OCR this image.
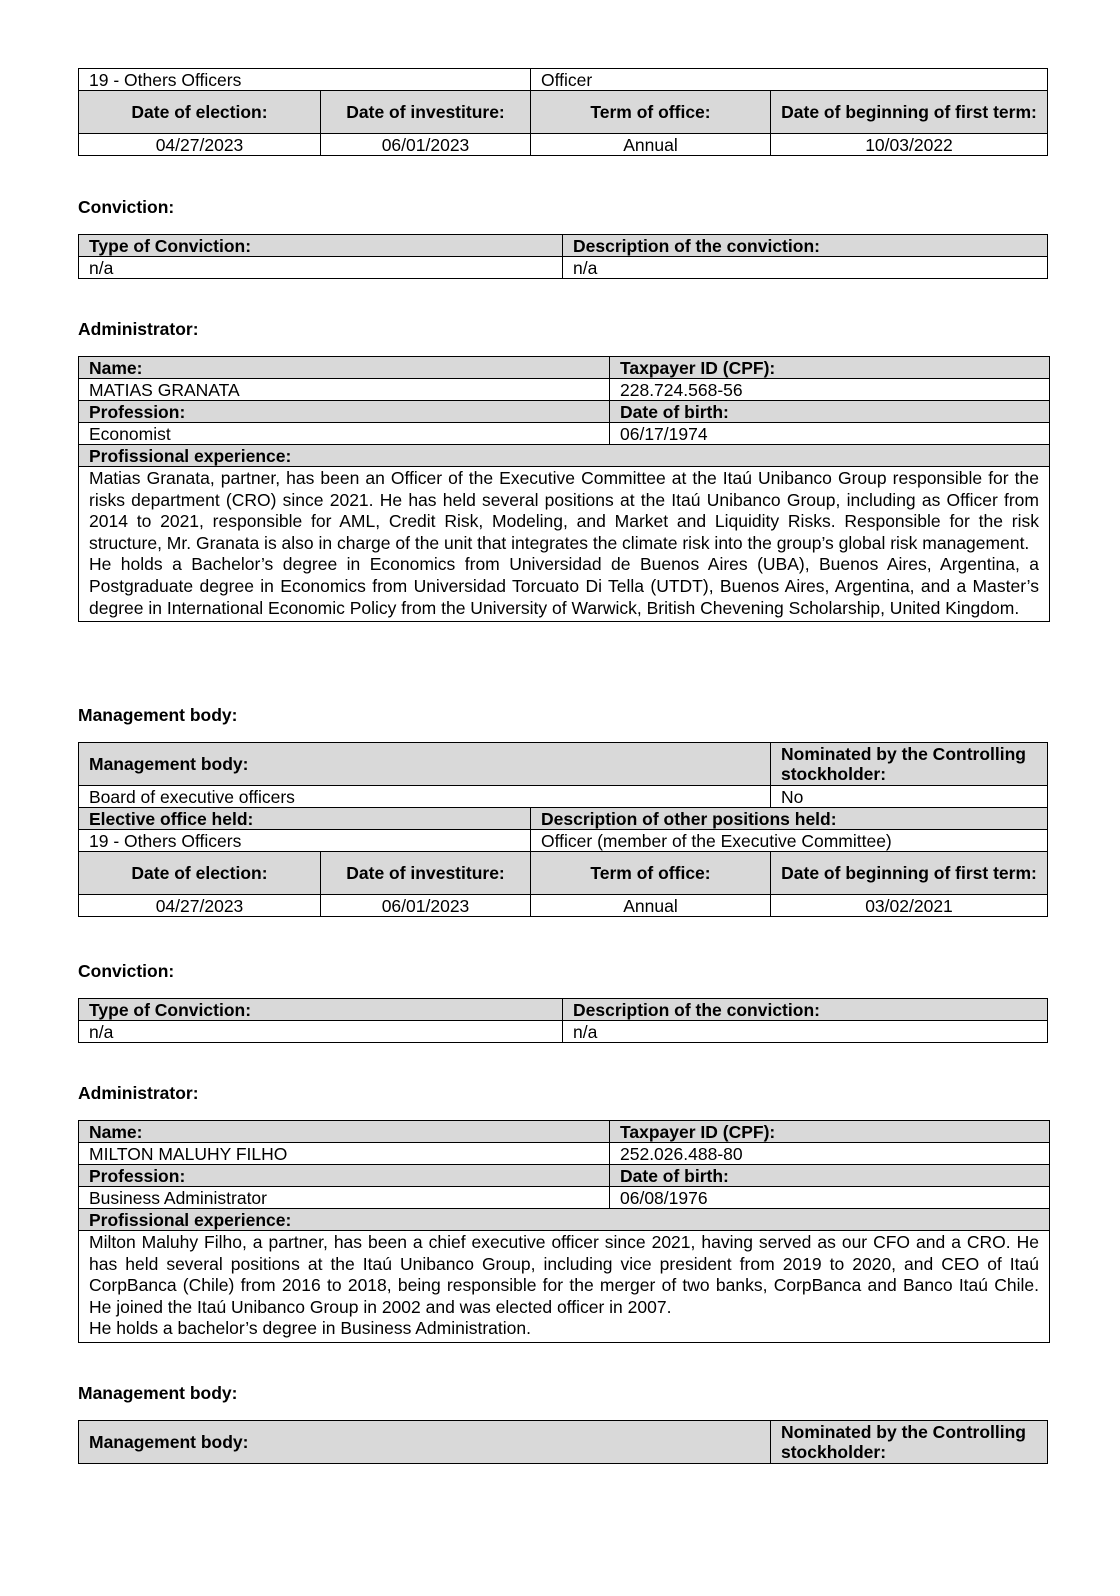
19 - Others Officers		Officer	
Date of election:	Date of investiture:	Term of office:	Date of beginning of first term:
04/27/2023	06/01/2023	Annual	10/03/2022

Conviction:

Type of Conviction:	Description of the conviction:
n/a	n/a

Administrator:

Name:	Taxpayer ID (CPF):
MATIAS GRANATA	228.724.568-56
Profession:	Date of birth:
Economist	06/17/1974
Profissional experience:	

Matias Granata, partner, has been an Officer of the Executive Committee at the Itaú Unibanco Group responsible for the risks department (CRO) since 2021. He has held several positions at the Itaú Unibanco Group, including as Officer from 2014 to 2021, responsible for AML, Credit Risk, Modeling, and Market and Liquidity Risks. Responsible for the risk structure, Mr. Granata is also in charge of the unit that integrates the climate risk into the group’s global risk management.

He holds a Bachelor’s degree in Economics from Universidad de Buenos Aires (UBA), Buenos Aires, Argentina, a Postgraduate degree in Economics from Universidad Torcuato Di Tella (UTDT), Buenos Aires, Argentina, and a Master’s degree in International Economic Policy from the University of Warwick, British Chevening Scholarship, United Kingdom.	

Management body:

Management body:			Nominated by the Controlling stockholder:
Board of executive officers			No
Elective office held:		Description of other positions held:	
19 - Others Officers		Officer (member of the Executive Committee)	
Date of election:	Date of investiture:	Term of office:	Date of beginning of first term:
04/27/2023	06/01/2023	Annual	03/02/2021

Conviction:

Type of Conviction:	Description of the conviction:
n/a	n/a

Administrator:

Name:	Taxpayer ID (CPF):
MILTON MALUHY FILHO	252.026.488-80
Profession:	Date of birth:
Business Administrator	06/08/1976
Profissional experience:	

Milton Maluhy Filho, a partner, has been a chief executive officer since 2021, having served as our CFO and a CRO. He has held several positions at the Itaú Unibanco Group, including vice president from 2019 to 2020, and CEO of Itaú CorpBanca (Chile) from 2016 to 2018, being responsible for the merger of two banks, CorpBanca and Banco Itaú Chile. He joined the Itaú Unibanco Group in 2002 and was elected officer in 2007.

He holds a bachelor’s degree in Business Administration.	

Management body:

Management body:	Nominated by the Controlling stockholder:
